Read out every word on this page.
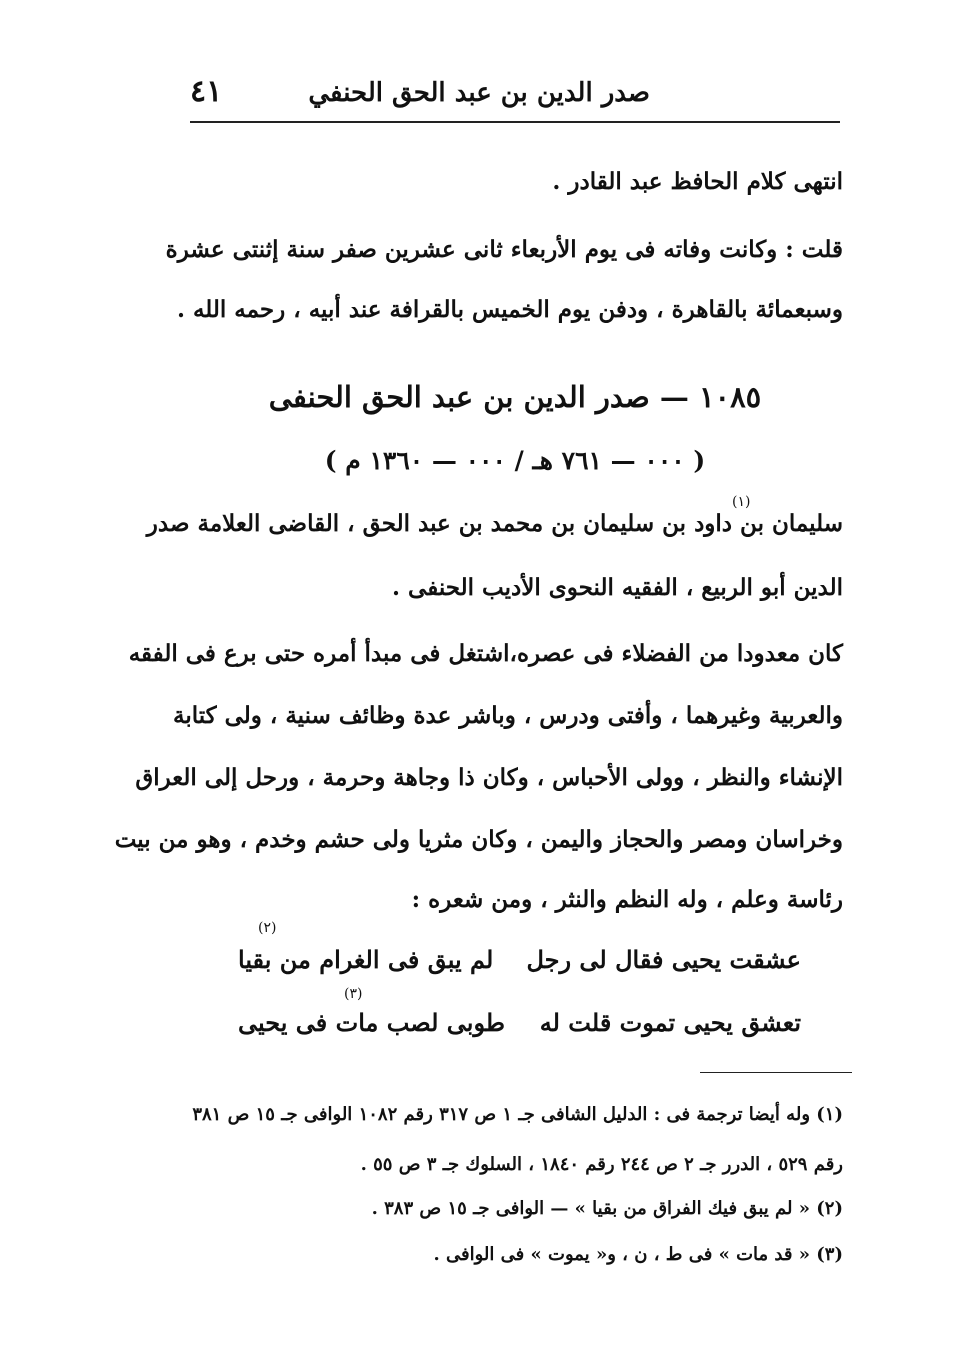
٤١	صدر الدين بن عبد الحق الحنفي
انتهى كلام الحافظ عبد القادر .
قلت : وكانت وفاته فى يوم الأربعاء ثانى عشرين صفر سنة إثنتى عشرة
وسبعمائة بالقاهرة ، ودفن يوم الخميس بالقرافة عند أبيه ، رحمه الله .
١٠٨٥ — صدر الدين بن عبد الحق الحنفى
( ٠٠٠ — ٧٦١ هـ / ٠٠٠ — ١٣٦٠ م )
سليمان بن داود بن سليمان بن محمد بن عبد الحق ، القاضى العلامة صدر
(١)
الدين أبو الربيع ، الفقيه النحوى الأديب الحنفى .
كان معدودا من الفضلاء فى عصره،اشتغل فى مبدأ أمره حتى برع فى الفقه
والعربية وغيرهما ، وأفتى ودرس ، وباشر عدة وظائف سنية ، ولى كتابة
الإنشاء والنظر ، وولى الأحباس ، وكان ذا وجاهة وحرمة ، ورحل إلى العراق
وخراسان ومصر والحجاز واليمن ، وكان مثريا ولى حشم وخدم ، وهو من بيت
رئاسة وعلم ، وله النظم والنثر ، ومن شعره :
عشقت يحيى فقال لى رجل
لم يبق فى الغرام من بقيا
(٢)
تعشق يحيى تموت قلت له
طوبى لصب مات فى يحيى
(٣)
(١) وله أيضا ترجمة فى : الدليل الشافى جـ ١ ص ٣١٧ رقم ١٠٨٢ الوافى جـ ١٥ ص ٣٨١
رقم ٥٢٩ ، الدرر جـ ٢ ص ٢٤٤ رقم ١٨٤٠ ، السلوك جـ ٣ ص ٥٥ .
(٢) « لم يبق فيك الفراق من بقيا » — الوافى جـ ١٥ ص ٣٨٣ .
(٣) « قد مات » فى ط ، ن ، و« يموت » فى الوافى .
